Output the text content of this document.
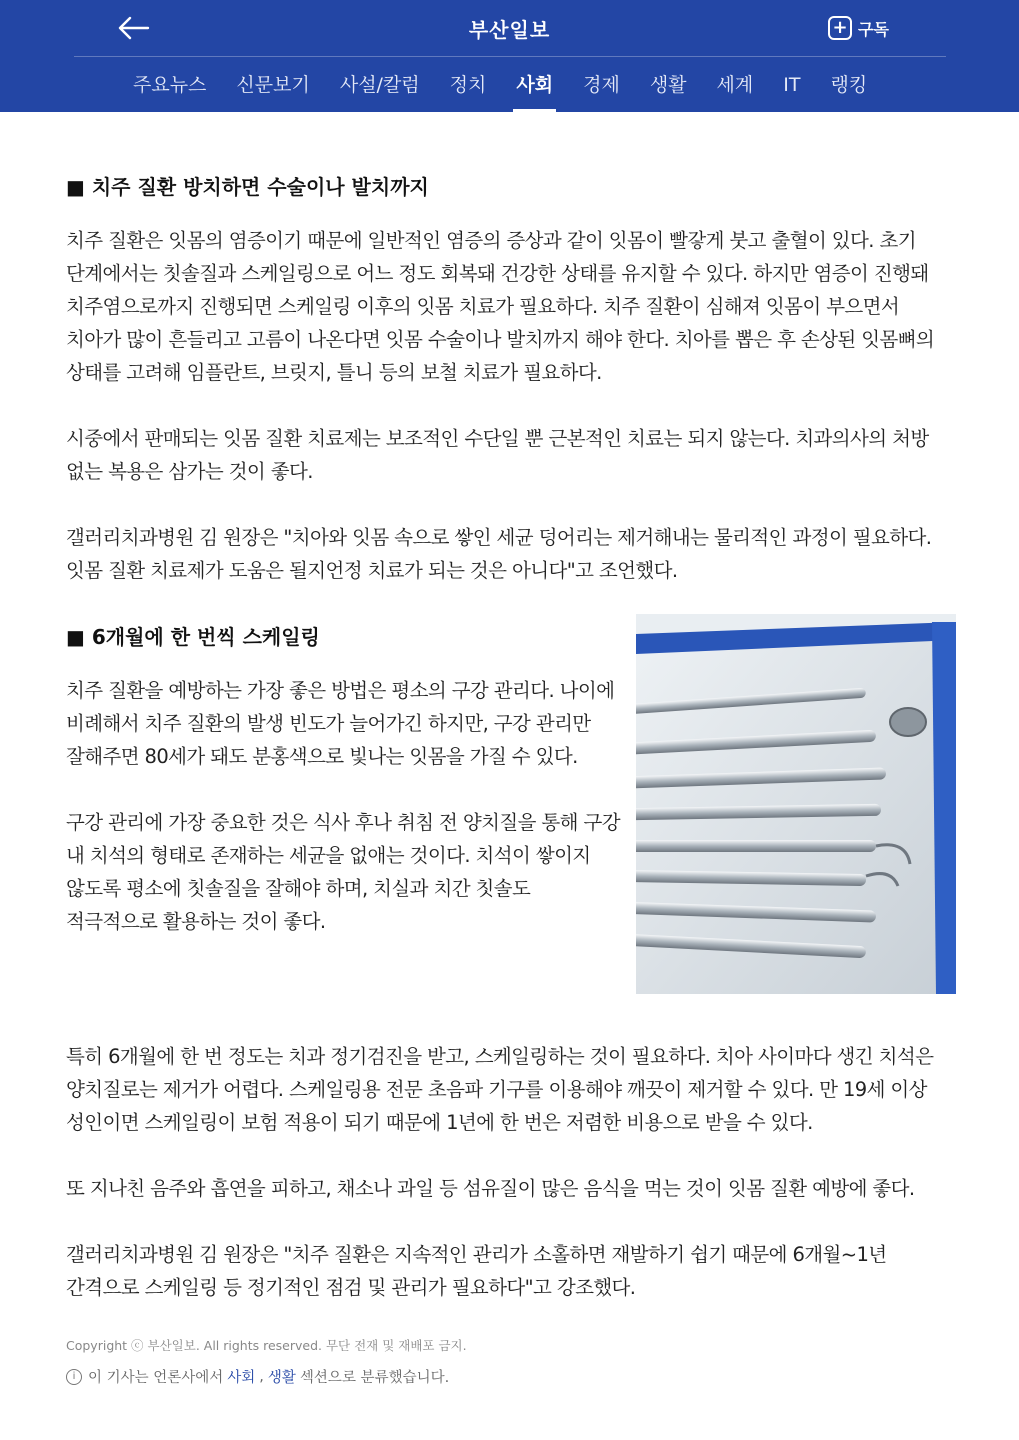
부산일보	+ 구독
주요뉴스	신문보기	사설/칼럼	정치	사회	경제	생활	세계	IT	랭킹
■ 치주 질환 방치하면 수술이나 발치까지

치주 질환은 잇몸의 염증이기 때문에 일반적인 염증의 증상과 같이 잇몸이 빨갛게 붓고 출혈이 있다. 초기 단계에서는 칫솔질과 스케일링으로 어느 정도 회복돼 건강한 상태를 유지할 수 있다. 하지만 염증이 진행돼 치주염으로까지 진행되면 스케일링 이후의 잇몸 치료가 필요하다. 치주 질환이 심해져 잇몸이 부으면서 치아가 많이 흔들리고 고름이 나온다면 잇몸 수술이나 발치까지 해야 한다. 치아를 뽑은 후 손상된 잇몸뼈의 상태를 고려해 임플란트, 브릿지, 틀니 등의 보철 치료가 필요하다.

시중에서 판매되는 잇몸 질환 치료제는 보조적인 수단일 뿐 근본적인 치료는 되지 않는다. 치과의사의 처방 없는 복용은 삼가는 것이 좋다.

갤러리치과병원 김 원장은 "치아와 잇몸 속으로 쌓인 세균 덩어리는 제거해내는 물리적인 과정이 필요하다. 잇몸 질환 치료제가 도움은 될지언정 치료가 되는 것은 아니다"고 조언했다.

■ 6개월에 한 번씩 스케일링

치주 질환을 예방하는 가장 좋은 방법은 평소의 구강 관리다. 나이에 비례해서 치주 질환의 발생 빈도가 늘어가긴 하지만, 구강 관리만 잘해주면 80세가 돼도 분홍색으로 빛나는 잇몸을 가질 수 있다.

구강 관리에 가장 중요한 것은 식사 후나 취침 전 양치질을 통해 구강 내 치석의 형태로 존재하는 세균을 없애는 것이다. 치석이 쌓이지 않도록 평소에 칫솔질을 잘해야 하며, 치실과 치간 칫솔도 적극적으로 활용하는 것이 좋다.

특히 6개월에 한 번 정도는 치과 정기검진을 받고, 스케일링하는 것이 필요하다. 치아 사이마다 생긴 치석은 양치질로는 제거가 어렵다. 스케일링용 전문 초음파 기구를 이용해야 깨끗이 제거할 수 있다. 만 19세 이상 성인이면 스케일링이 보험 적용이 되기 때문에 1년에 한 번은 저렴한 비용으로 받을 수 있다.

또 지나친 음주와 흡연을 피하고, 채소나 과일 등 섬유질이 많은 음식을 먹는 것이 잇몸 질환 예방에 좋다.

갤러리치과병원 김 원장은 "치주 질환은 지속적인 관리가 소홀하면 재발하기 쉽기 때문에 6개월~1년 간격으로 스케일링 등 정기적인 점검 및 관리가 필요하다"고 강조했다.

Copyright ⓒ 부산일보. All rights reserved. 무단 전재 및 재배포 금지.
i 이 기사는 언론사에서 사회 , 생활 섹션으로 분류했습니다.
